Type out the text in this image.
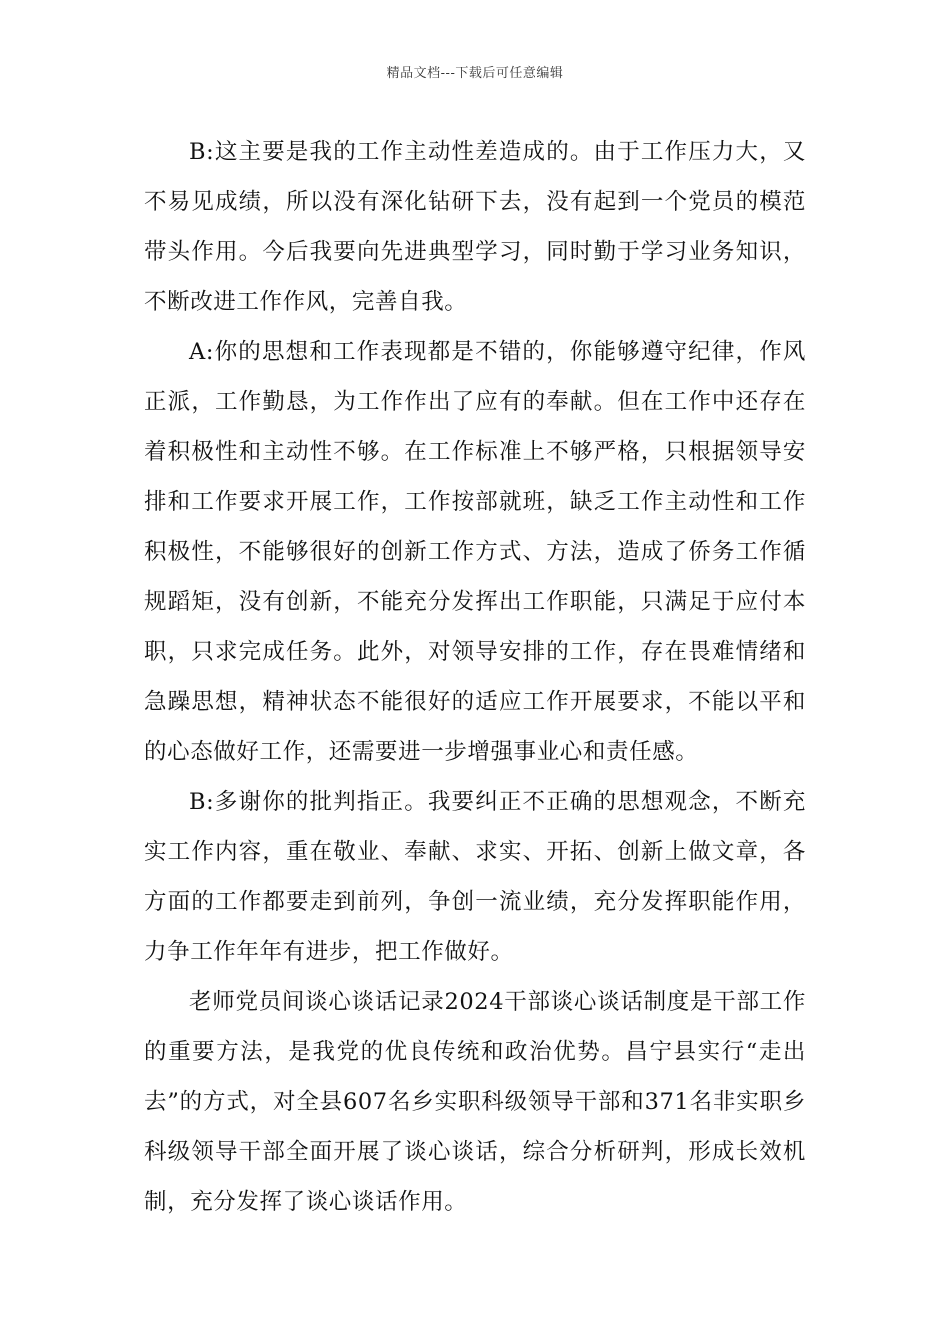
精品文档---下载后可任意编辑

B:这主要是我的工作主动性差造成的。由于工作压力大，又不易见成绩，所以没有深化钻研下去，没有起到一个党员的模范带头作用。今后我要向先进典型学习，同时勤于学习业务知识，不断改进工作作风，完善自我。

A:你的思想和工作表现都是不错的，你能够遵守纪律，作风正派，工作勤恳，为工作作出了应有的奉献。但在工作中还存在着积极性和主动性不够。在工作标准上不够严格，只根据领导安排和工作要求开展工作，工作按部就班，缺乏工作主动性和工作积极性，不能够很好的创新工作方式、方法，造成了侨务工作循规蹈矩，没有创新，不能充分发挥出工作职能，只满足于应付本职，只求完成任务。此外，对领导安排的工作，存在畏难情绪和急躁思想，精神状态不能很好的适应工作开展要求，不能以平和的心态做好工作，还需要进一步增强事业心和责任感。

B:多谢你的批判指正。我要纠正不正确的思想观念，不断充实工作内容，重在敬业、奉献、求实、开拓、创新上做文章，各方面的工作都要走到前列，争创一流业绩，充分发挥职能作用，力争工作年年有进步，把工作做好。

老师党员间谈心谈话记录2024干部谈心谈话制度是干部工作的重要方法，是我党的优良传统和政治优势。昌宁县实行“走出去”的方式，对全县607名乡实职科级领导干部和371名非实职乡科级领导干部全面开展了谈心谈话，综合分析研判，形成长效机制，充分发挥了谈心谈话作用。
